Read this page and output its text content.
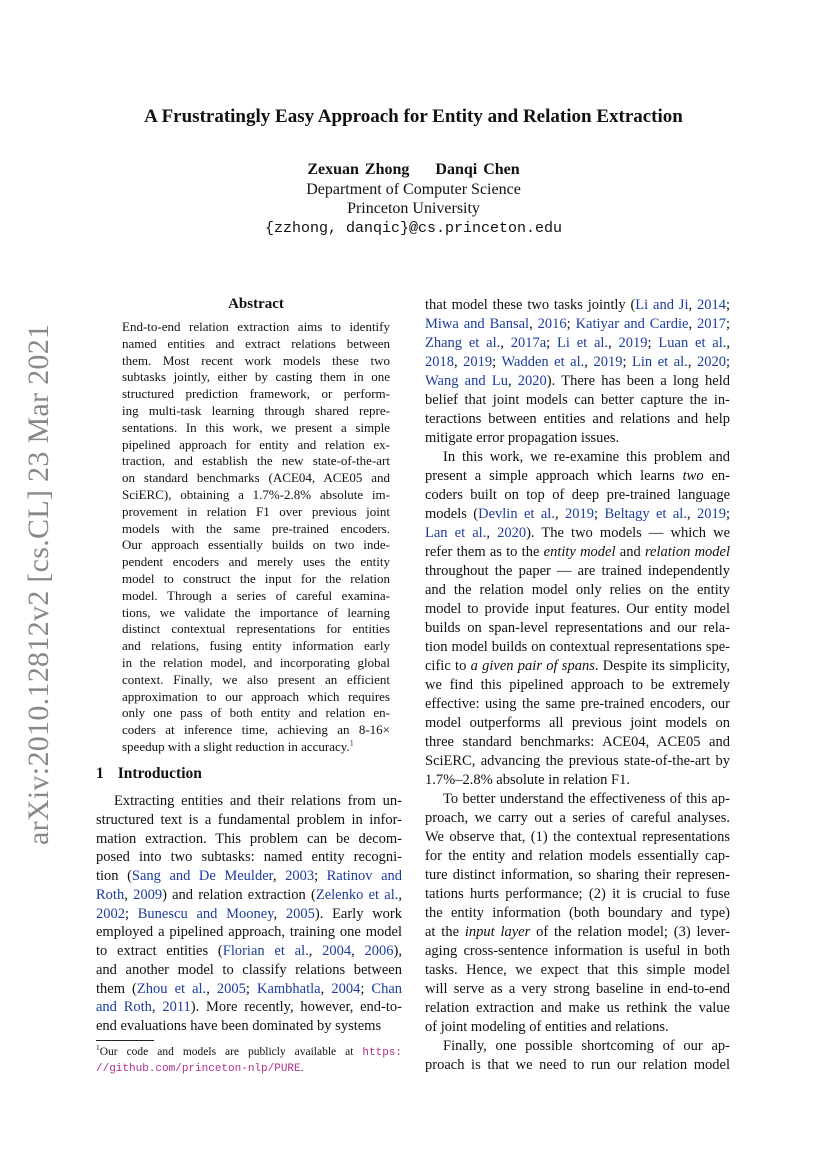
A Frustratingly Easy Approach for Entity and Relation Extraction
Zexuan Zhong Danqi Chen
Department of Computer Science
Princeton University
{zzhong, danqic}@cs.princeton.edu
arXiv:2010.12812v2 [cs.CL] 23 Mar 2021
Abstract
End-to-end relation extraction aims to identify
named entities and extract relations between
them. Most recent work models these two
subtasks jointly, either by casting them in one
structured prediction framework, or perform-
ing multi-task learning through shared repre-
sentations. In this work, we present a simple
pipelined approach for entity and relation ex-
traction, and establish the new state-of-the-art
on standard benchmarks (ACE04, ACE05 and
SciERC), obtaining a 1.7%-2.8% absolute im-
provement in relation F1 over previous joint
models with the same pre-trained encoders.
Our approach essentially builds on two inde-
pendent encoders and merely uses the entity
model to construct the input for the relation
model. Through a series of careful examina-
tions, we validate the importance of learning
distinct contextual representations for entities
and relations, fusing entity information early
in the relation model, and incorporating global
context. Finally, we also present an efficient
approximation to our approach which requires
only one pass of both entity and relation en-
coders at inference time, achieving an 8-16×
speedup with a slight reduction in accuracy.$^1$
1 Introduction
Extracting entities and their relations from un-
structured text is a fundamental problem in infor-
mation extraction. This problem can be decom-
posed into two subtasks: named entity recogni-
tion (Sang and De Meulder, 2003; Ratinov and
Roth, 2009) and relation extraction (Zelenko et al.,
2002; Bunescu and Mooney, 2005). Early work
employed a pipelined approach, training one model
to extract entities (Florian et al., 2004, 2006),
and another model to classify relations between
them (Zhou et al., 2005; Kambhatla, 2004; Chan
and Roth, 2011). More recently, however, end-to-
end evaluations have been dominated by systems
that model these two tasks jointly (Li and Ji, 2014;
Miwa and Bansal, 2016; Katiyar and Cardie, 2017;
Zhang et al., 2017a; Li et al., 2019; Luan et al.,
2018, 2019; Wadden et al., 2019; Lin et al., 2020;
Wang and Lu, 2020). There has been a long held
belief that joint models can better capture the in-
teractions between entities and relations and help
mitigate error propagation issues.
In this work, we re-examine this problem and
present a simple approach which learns two en-
coders built on top of deep pre-trained language
models (Devlin et al., 2019; Beltagy et al., 2019;
Lan et al., 2020). The two models — which we
refer them as to the entity model and relation model
throughout the paper — are trained independently
and the relation model only relies on the entity
model to provide input features. Our entity model
builds on span-level representations and our rela-
tion model builds on contextual representations spe-
cific to a given pair of spans. Despite its simplicity,
we find this pipelined approach to be extremely
effective: using the same pre-trained encoders, our
model outperforms all previous joint models on
three standard benchmarks: ACE04, ACE05 and
SciERC, advancing the previous state-of-the-art by
1.7%–2.8% absolute in relation F1.
To better understand the effectiveness of this ap-
proach, we carry out a series of careful analyses.
We observe that, (1) the contextual representations
for the entity and relation models essentially cap-
ture distinct information, so sharing their represen-
tations hurts performance; (2) it is crucial to fuse
the entity information (both boundary and type)
at the input layer of the relation model; (3) lever-
aging cross-sentence information is useful in both
tasks. Hence, we expect that this simple model
will serve as a very strong baseline in end-to-end
relation extraction and make us rethink the value
of joint modeling of entities and relations.
Finally, one possible shortcoming of our ap-
proach is that we need to run our relation model
$^1$Our code and models are publicly available at https:
//github.com/princeton-nlp/PURE.
